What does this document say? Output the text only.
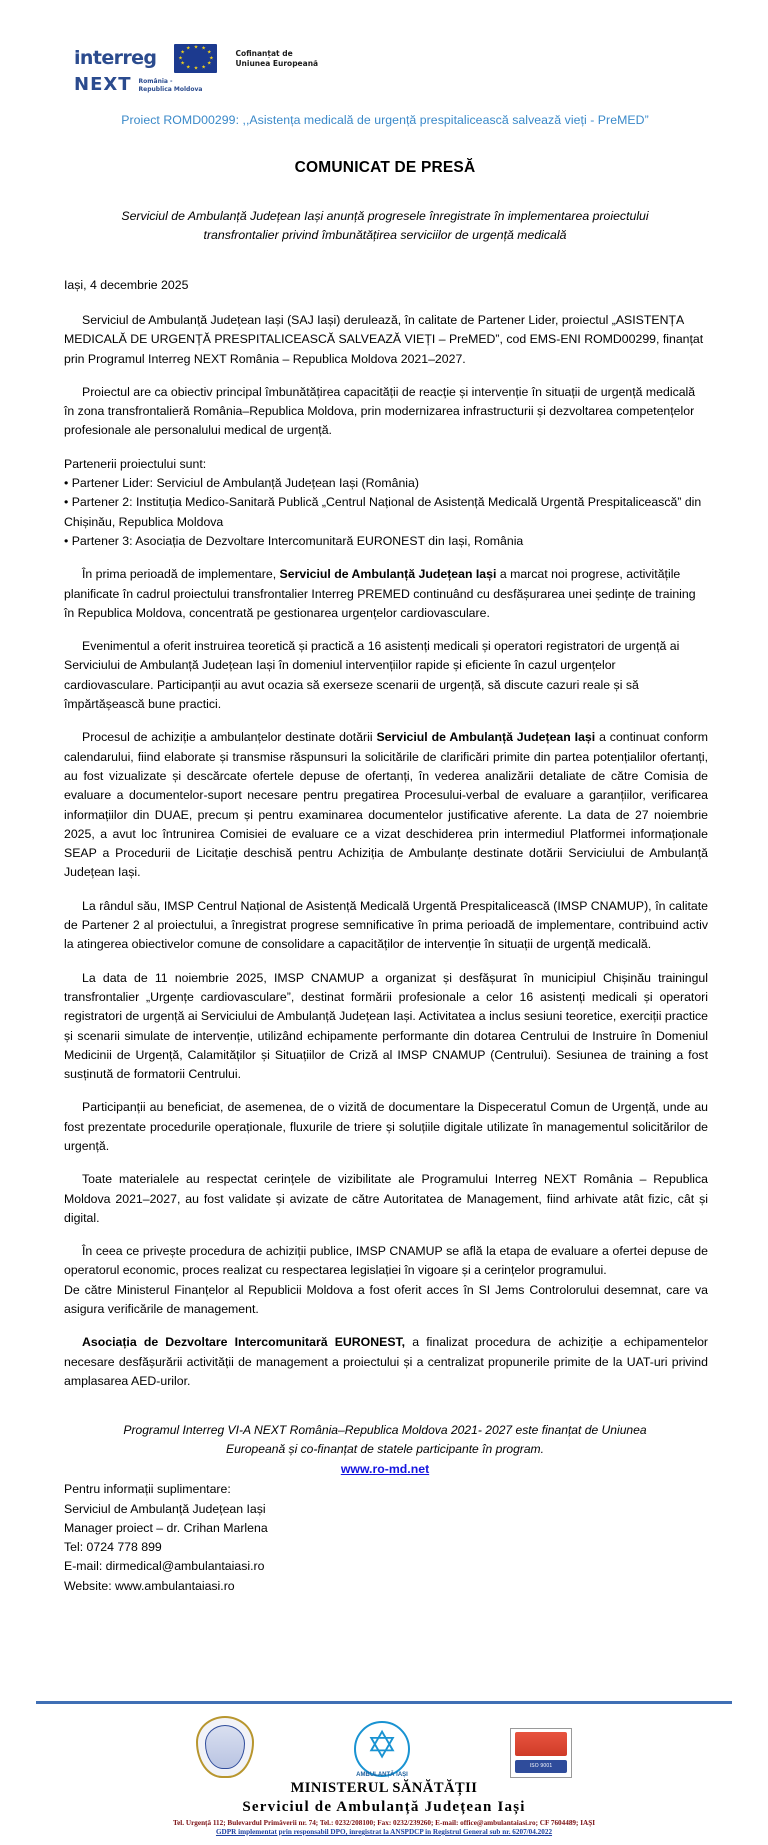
interreg	★ ★
★
★
★
★
★
★
★
★
★
★	Cofinanțat de
Uniunea Europeană
NEXT România -
Republica Moldova
Proiect ROMD00299: ,,Asistența medicală de urgență prespitalicească salvează vieți - PreMED”
COMUNICAT DE PRESĂ
Serviciul de Ambulanță Județean Iași anunță progresele înregistrate în implementarea proiectului
transfrontalier privind îmbunătățirea serviciilor de urgență medicală
Iași, 4 decembrie 2025

Serviciul de Ambulanță Județean Iași (SAJ Iași) derulează, în calitate de Partener Lider, proiectul „ASISTENȚA MEDICALĂ DE URGENȚĂ PRESPITALICEASCĂ SALVEAZĂ VIEȚI – PreMED”, cod EMS-ENI ROMD00299, finanțat prin Programul Interreg NEXT România – Republica Moldova 2021–2027.

Proiectul are ca obiectiv principal îmbunătățirea capacității de reacție și intervenție în situații de urgență medicală în zona transfrontalieră România–Republica Moldova, prin modernizarea infrastructurii și dezvoltarea competențelor profesionale ale personalului medical de urgență.

Partenerii proiectului sunt:
• Partener Lider: Serviciul de Ambulanță Județean Iași (România)
• Partener 2: Instituția Medico-Sanitară Publică „Centrul Național de Asistență Medicală Urgentă Prespitalicească” din Chișinău, Republica Moldova
• Partener 3: Asociația de Dezvoltare Intercomunitară EURONEST din Iași, România

În prima perioadă de implementare, Serviciul de Ambulanță Județean Iași a marcat noi progrese, activitățile planificate în cadrul proiectului transfrontalier Interreg PREMED continuând cu desfășurarea unei ședințe de training în Republica Moldova, concentrată pe gestionarea urgențelor cardiovasculare.

Evenimentul a oferit instruirea teoretică și practică a 16 asistenți medicali și operatori registratori de urgență ai Serviciului de Ambulanță Județean Iași în domeniul intervențiilor rapide și eficiente în cazul urgențelor cardiovasculare. Participanții au avut ocazia să exerseze scenarii de urgență, să discute cazuri reale și să împărtășească bune practici.

Procesul de achiziție a ambulanțelor destinate dotării Serviciul de Ambulanță Județean Iași a continuat conform calendarului, fiind elaborate și transmise răspunsuri la solicitările de clarificări primite din partea potențialilor ofertanți, au fost vizualizate și descărcate ofertele depuse de ofertanți, în vederea analizării detaliate de către Comisia de evaluare a documentelor-suport necesare pentru pregatirea Procesului-verbal de evaluare a garanțiilor, verificarea informațiilor din DUAE, precum și pentru examinarea documentelor justificative aferente. La data de 27 noiembrie 2025, a avut loc întrunirea Comisiei de evaluare ce a vizat deschiderea prin intermediul Platformei informaționale SEAP a Procedurii de Licitație deschisă pentru Achiziția de Ambulanțe destinate dotării Serviciului de Ambulanță Județean Iași.

La rândul său, IMSP Centrul Național de Asistență Medicală Urgentă Prespitalicească (IMSP CNAMUP), în calitate de Partener 2 al proiectului, a înregistrat progrese semnificative în prima perioadă de implementare, contribuind activ la atingerea obiectivelor comune de consolidare a capacităților de intervenție în situații de urgență medicală.

La data de 11 noiembrie 2025, IMSP CNAMUP a organizat și desfășurat în municipiul Chișinău trainingul transfrontalier „Urgențe cardiovasculare”, destinat formării profesionale a celor 16 asistenți medicali și operatori registratori de urgență ai Serviciului de Ambulanță Județean Iași. Activitatea a inclus sesiuni teoretice, exerciții practice și scenarii simulate de intervenție, utilizând echipamente performante din dotarea Centrului de Instruire în Domeniul Medicinii de Urgență, Calamităților și Situațiilor de Criză al IMSP CNAMUP (Centrului). Sesiunea de training a fost susținută de formatorii Centrului.

Participanții au beneficiat, de asemenea, de o vizită de documentare la Dispeceratul Comun de Urgență, unde au fost prezentate procedurile operaționale, fluxurile de triere și soluțiile digitale utilizate în managementul solicitărilor de urgență.

Toate materialele au respectat cerințele de vizibilitate ale Programului Interreg NEXT România – Republica Moldova 2021–2027, au fost validate și avizate de către Autoritatea de Management, fiind arhivate atât fizic, cât și digital.

În ceea ce privește procedura de achiziții publice, IMSP CNAMUP se află la etapa de evaluare a ofertei depuse de operatorul economic, proces realizat cu respectarea legislației în vigoare și a cerințelor programului.

De către Ministerul Finanțelor al Republicii Moldova a fost oferit acces în SI Jems Controlorului desemnat, care va asigura verificările de management.

Asociația de Dezvoltare Intercomunitară EURONEST, a finalizat procedura de achiziție a echipamentelor necesare desfășurării activității de management a proiectului și a centralizat propunerile primite de la UAT-uri privind amplasarea AED-urilor.

Programul Interreg VI-A NEXT România–Republica Moldova 2021- 2027 este finanțat de Uniunea
Europeană și co-finanțat de statele participante în program.
www.ro-md.net
Pentru informații suplimentare:
Serviciul de Ambulanță Județean Iași
Manager proiect – dr. Crihan Marlena
Tel: 0724 778 899
E-mail: dirmedical@ambulantaiasi.ro
Website: www.ambulantaiasi.ro
✡
AMBULANȚĂ IAȘI
ISO 9001
MINISTERUL SĂNĂTĂȚII
Serviciul de Ambulanță Județean Iași
Tel. Urgență 112; Bulevardul Primăverii nr. 74; Tel.: 0232/208100; Fax: 0232/239260; E-mail: office@ambulantaiasi.ro; CF 7604489; IAȘI
GDPR implementat prin responsabil DPO, inregistrat la ANSPDCP in Registrul General sub nr. 6207/04.2022
